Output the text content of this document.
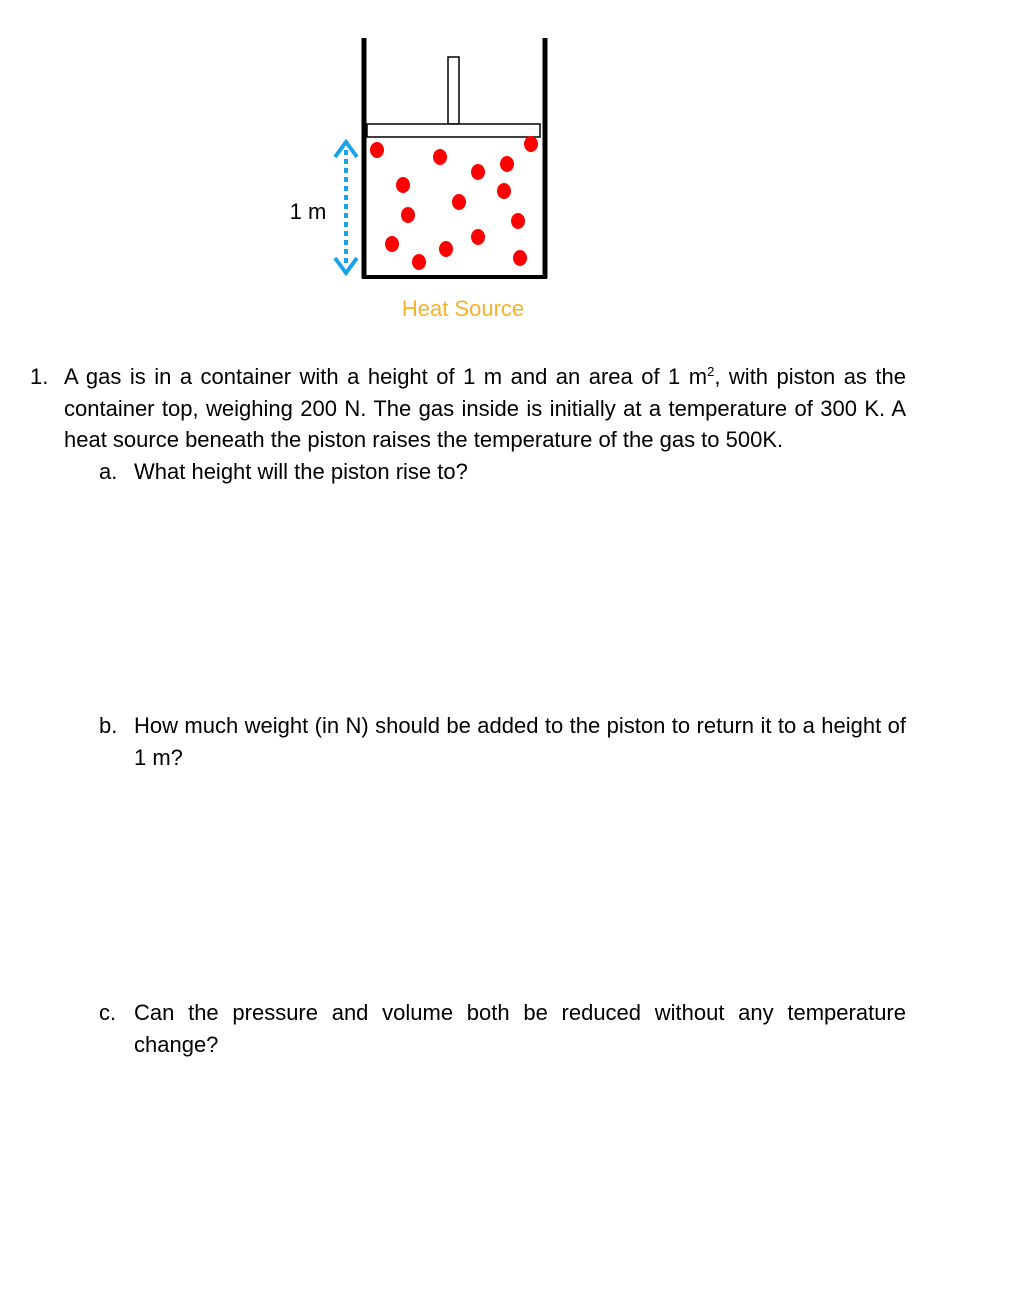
1 m
Heat Source
1. A gas is in a container with a height of 1 m and an area of 1 $m^2$, with piston as the container top, weighing 200 N. The gas inside is initially at a temperature of 300 K. A heat source beneath the piston raises the temperature of the gas to 500K.

a. What height will the piston rise to?

b. How much weight (in N) should be added to the piston to return it to a height of 1 m?

c. Can the pressure and volume both be reduced without any temperature change?
